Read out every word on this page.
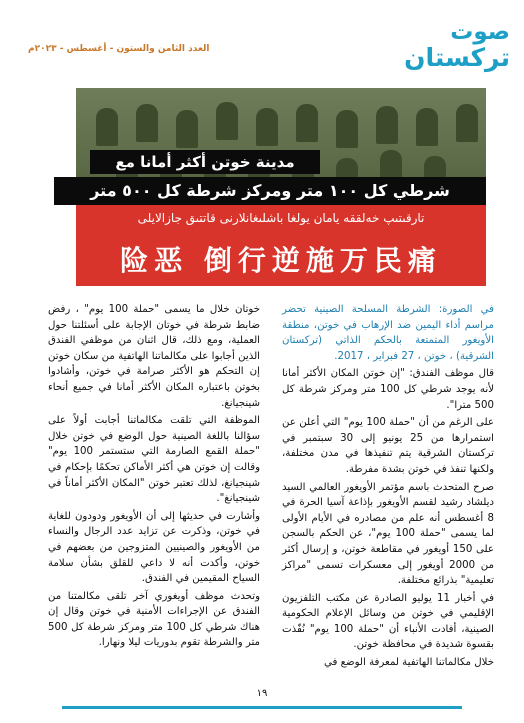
صوت
تركستان
العدد الثامن والستون - أغسطس - ٢٠٢٣م
مدينة خوتن أكثر أمانا مع
شرطي كل ١٠٠ متر ومركز شرطة كل ٥٠٠ متر
تارقىتىپ خەلققە يامان يولغا باشلىغانلارنى قاتتىق جازالايلى
险恶 倒行逆施万民痛

في الصورة: الشرطة المسلحة الصينية تحضر مراسم أداء اليمين ضد الإرهاب في خوتن، منطقة الأويغور المتمتعة بالحكم الذاتي (تركستان الشرقية) ، خوتن ، 27 فبراير ، 2017.

قال موظف الفندق: "إن خوتن المكان الأكثر أمانا لأنه يوجد شرطي كل 100 متر ومركز شرطة كل 500 مترا".

على الرغم من أن "حملة 100 يوم" التي أعلن عن استمرارها من 25 يونيو إلى 30 سبتمبر في تركستان الشرقية يتم تنفيذها في مدن مختلفة، ولكنها تنفذ في خوتن بشدة مفرطة.

صرح المتحدث باسم مؤتمر الأويغور العالمي السيد ديلشاد رشيد لقسم الأويغور بإذاعة آسيا الحرة في 8 أغسطس أنه علم من مصادره في الأيام الأولى لما يسمى "حملة 100 يوم"، عن الحكم بالسجن على 150 أويغور في مقاطعة خوتن، و إرسال أكثر من 2000 أويغور إلى معسكرات تسمى "مراكز تعليمية" بذرائع مختلفة.

في أخبار 11 يوليو الصادرة عن مكتب التلفزيون الإقليمي في خوتن من وسائل الإعلام الحكومية الصينية، أفادت الأنباء أن "حملة 100 يوم" نُفّذت بقسوة شديدة في محافظة خوتن.

خلال مكالماتنا الهاتفية لمعرفة الوضع في

خوتان خلال ما يسمى "حملة 100 يوم" ، رفض ضابط شرطة في خوتان الإجابة على أسئلتنا حول العملية، ومع ذلك، قال اثنان من موظفي الفندق الذين أجابوا على مكالماتنا الهاتفية من سكان خوتن إن التحكم هو الأكثر صرامة في خوتن، وأشادوا بخوتن باعتباره المكان الأكثر أمانا في جميع أنحاء شينجيانغ.

الموظفة التي تلقت مكالماتنا أجابت أولاً على سؤالنا باللغة الصينية حول الوضع في خوتن خلال "حملة القمع الصارمة التي ستستمر 100 يوم" وقالت إن خوتن هي أكثر الأماكن تحكمًا بإحكام في شينجيانغ، لذلك تعتبر خوتن "المكان الأكثر أماناً في شينجيانغ".

وأشارت في حديثها إلى أن الأويغور ودودون للغاية في خوتن، وذكرت عن تزايد عدد الرجال والنساء من الأويغور والصينيين المتزوجين من بعضهم في خوتن، وأكدت أنه لا داعي للقلق بشأن سلامة السياح المقيمين في الفندق.

وتحدث موظف أويغوري آخر تلقى مكالمتنا من الفندق عن الإجراءات الأمنية في خوتن وقال إن هناك شرطي كل 100 متر ومركز شرطة كل 500 متر والشرطة تقوم بدوريات ليلا ونهارا.

١٩
